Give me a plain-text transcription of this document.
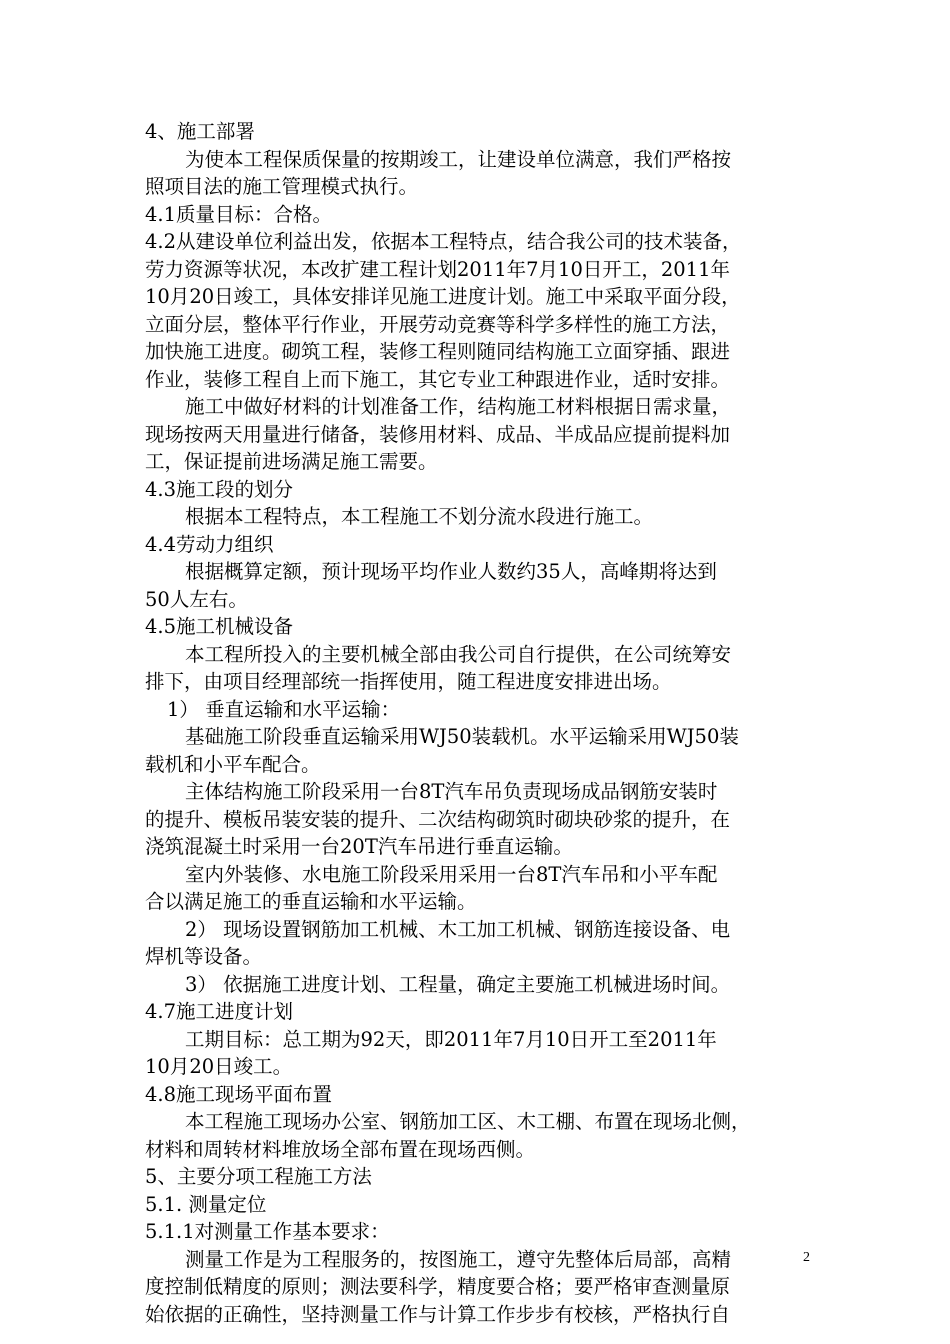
4、施工部署
为使本工程保质保量的按期竣工，让建设单位满意，我们严格按
照项目法的施工管理模式执行。
4.1质量目标：合格。
4.2从建设单位利益出发，依据本工程特点，结合我公司的技术装备，
劳力资源等状况，本改扩建工程计划2011年7月10日开工，2011年
10月20日竣工，具体安排详见施工进度计划。施工中采取平面分段，
立面分层，整体平行作业，开展劳动竞赛等科学多样性的施工方法，
加快施工进度。砌筑工程，装修工程则随同结构施工立面穿插、跟进
作业，装修工程自上而下施工，其它专业工种跟进作业，适时安排。
施工中做好材料的计划准备工作，结构施工材料根据日需求量，
现场按两天用量进行储备，装修用材料、成品、半成品应提前提料加
工，保证提前进场满足施工需要。
4.3施工段的划分
根据本工程特点，本工程施工不划分流水段进行施工。
4.4劳动力组织
根据概算定额，预计现场平均作业人数约35人，高峰期将达到
50人左右。
4.5施工机械设备
本工程所投入的主要机械全部由我公司自行提供，在公司统筹安
排下，由项目经理部统一指挥使用，随工程进度安排进出场。
1） 垂直运输和水平运输：
基础施工阶段垂直运输采用WJ50装载机。水平运输采用WJ50装
载机和小平车配合。
主体结构施工阶段采用一台8T汽车吊负责现场成品钢筋安装时
的提升、模板吊装安装的提升、二次结构砌筑时砌块砂浆的提升，在
浇筑混凝土时采用一台20T汽车吊进行垂直运输。
室内外装修、水电施工阶段采用采用一台8T汽车吊和小平车配
合以满足施工的垂直运输和水平运输。
2） 现场设置钢筋加工机械、木工加工机械、钢筋连接设备、电
焊机等设备。
3） 依据施工进度计划、工程量，确定主要施工机械进场时间。
4.7施工进度计划
工期目标：总工期为92天，即2011年7月10日开工至2011年
10月20日竣工。
4.8施工现场平面布置
本工程施工现场办公室、钢筋加工区、木工棚、布置在现场北侧，
材料和周转材料堆放场全部布置在现场西侧。
5、主要分项工程施工方法
5.1. 测量定位
5.1.1对测量工作基本要求：
测量工作是为工程服务的，按图施工，遵守先整体后局部，高精
度控制低精度的原则；测法要科学，精度要合格；要严格审查测量原
始依据的正确性，坚持测量工作与计算工作步步有校核，严格执行自
2
